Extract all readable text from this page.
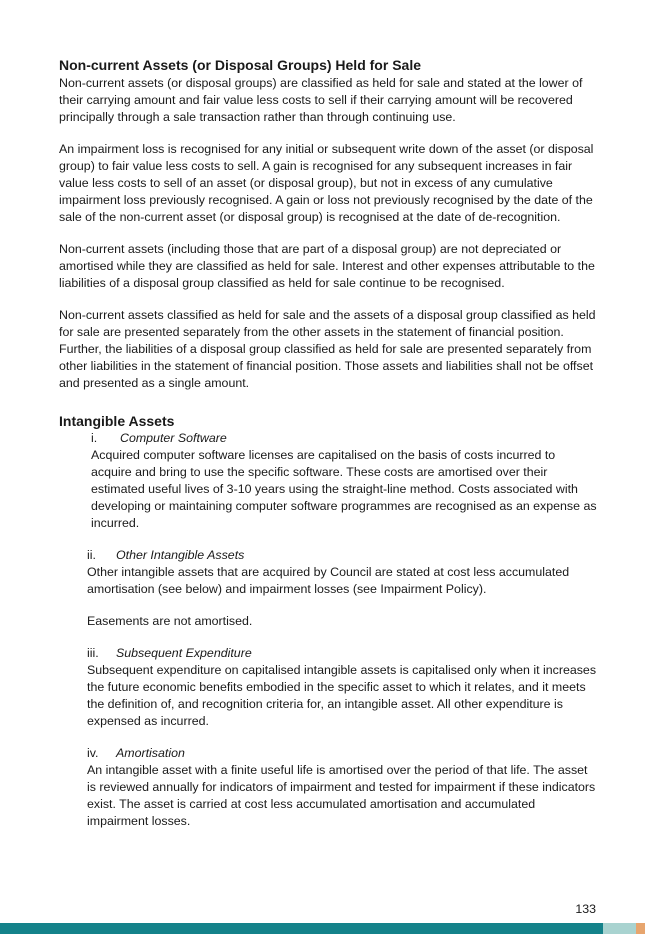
Non-current Assets (or Disposal Groups) Held for Sale

Non-current assets (or disposal groups) are classified as held for sale and stated at the lower of their carrying amount and fair value less costs to sell if their carrying amount will be recovered principally through a sale transaction rather than through continuing use.

An impairment loss is recognised for any initial or subsequent write down of the asset (or disposal group) to fair value less costs to sell. A gain is recognised for any subsequent increases in fair value less costs to sell of an asset (or disposal group), but not in excess of any cumulative impairment loss previously recognised. A gain or loss not previously recognised by the date of the sale of the non-current asset (or disposal group) is recognised at the date of de-recognition.

Non-current assets (including those that are part of a disposal group) are not depreciated or amortised while they are classified as held for sale. Interest and other expenses attributable to the liabilities of a disposal group classified as held for sale continue to be recognised.

Non-current assets classified as held for sale and the assets of a disposal group classified as held for sale are presented separately from the other assets in the statement of financial position. Further, the liabilities of a disposal group classified as held for sale are presented separately from other liabilities in the statement of financial position. Those assets and liabilities shall not be offset and presented as a single amount.

Intangible Assets
i.	Computer Software

Acquired computer software licenses are capitalised on the basis of costs incurred to acquire and bring to use the specific software. These costs are amortised over their estimated useful lives of 3-10 years using the straight-line method. Costs associated with developing or maintaining computer software programmes are recognised as an expense as incurred.

ii.	Other Intangible Assets

Other intangible assets that are acquired by Council are stated at cost less accumulated amortisation (see below) and impairment losses (see Impairment Policy).

Easements are not amortised.

iii.	Subsequent Expenditure

Subsequent expenditure on capitalised intangible assets is capitalised only when it increases the future economic benefits embodied in the specific asset to which it relates, and it meets the definition of, and recognition criteria for, an intangible asset. All other expenditure is expensed as incurred.

iv.	Amortisation

An intangible asset with a finite useful life is amortised over the period of that life. The asset is reviewed annually for indicators of impairment and tested for impairment if these indicators exist. The asset is carried at cost less accumulated amortisation and accumulated impairment losses.

133
